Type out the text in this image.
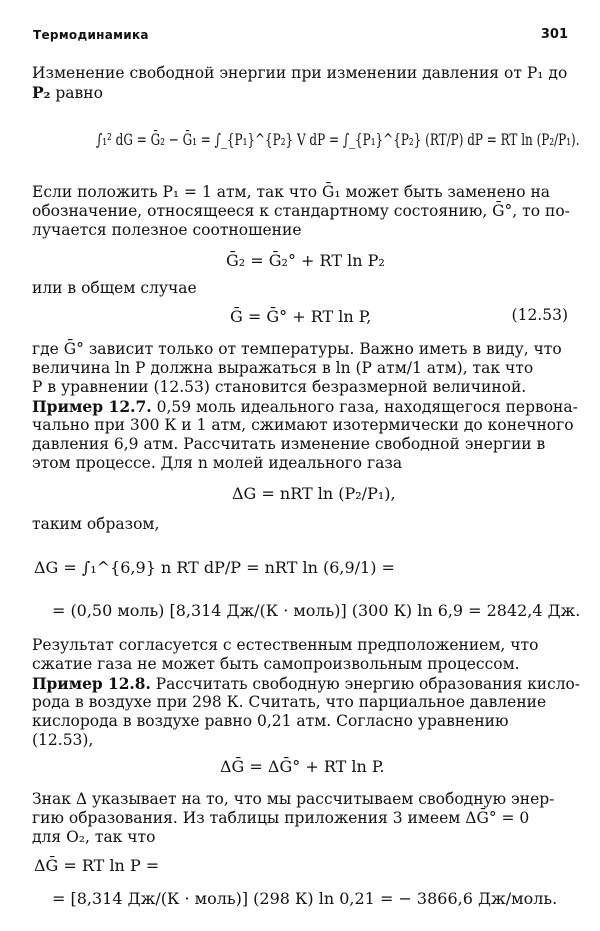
Термодинамика	301
Изменение свободной энергии при изменении давления от P₁ до
P₂ равно
∫₁² dG = Ḡ₂ − Ḡ₁ = ∫_{P₁}^{P₂} V dP = ∫_{P₁}^{P₂} (RT/P) dP = RT ln (P₂/P₁).
Если положить P₁ = 1 атм, так что Ḡ₁ может быть заменено на
обозначение, относящееся к стандартному состоянию, Ḡ°, то по-
лучается полезное соотношение
Ḡ₂ = Ḡ₂° + RT ln P₂
или в общем случае
Ḡ = Ḡ° + RT ln P,	(12.53)
где Ḡ° зависит только от температуры. Важно иметь в виду, что
величина ln P должна выражаться в ln (P атм/1 атм), так что
P в уравнении (12.53) становится безразмерной величиной.
Пример 12.7. 0,59 моль идеального газа, находящегося первона-
чально при 300 К и 1 атм, сжимают изотермически до конечного
давления 6,9 атм. Рассчитать изменение свободной энергии в
этом процессе. Для n молей идеального газа
ΔG = nRT ln (P₂/P₁),
таким образом,
ΔG = ∫₁^{6,9} n RT dP/P = nRT ln (6,9/1) =
= (0,50 моль) [8,314 Дж/(К · моль)] (300 К) ln 6,9 = 2842,4 Дж.
Результат согласуется с естественным предположением, что
сжатие газа не может быть самопроизвольным процессом.
Пример 12.8. Рассчитать свободную энергию образования кисло-
рода в воздухе при 298 К. Считать, что парциальное давление
кислорода в воздухе равно 0,21 атм. Согласно уравнению
(12.53),
ΔḠ = ΔḠ° + RT ln P.
Знак Δ указывает на то, что мы рассчитываем свободную энер-
гию образования. Из таблицы приложения 3 имеем ΔḠ° = 0
для O₂, так что
ΔḠ = RT ln P =
= [8,314 Дж/(К · моль)] (298 К) ln 0,21 = − 3866,6 Дж/моль.
